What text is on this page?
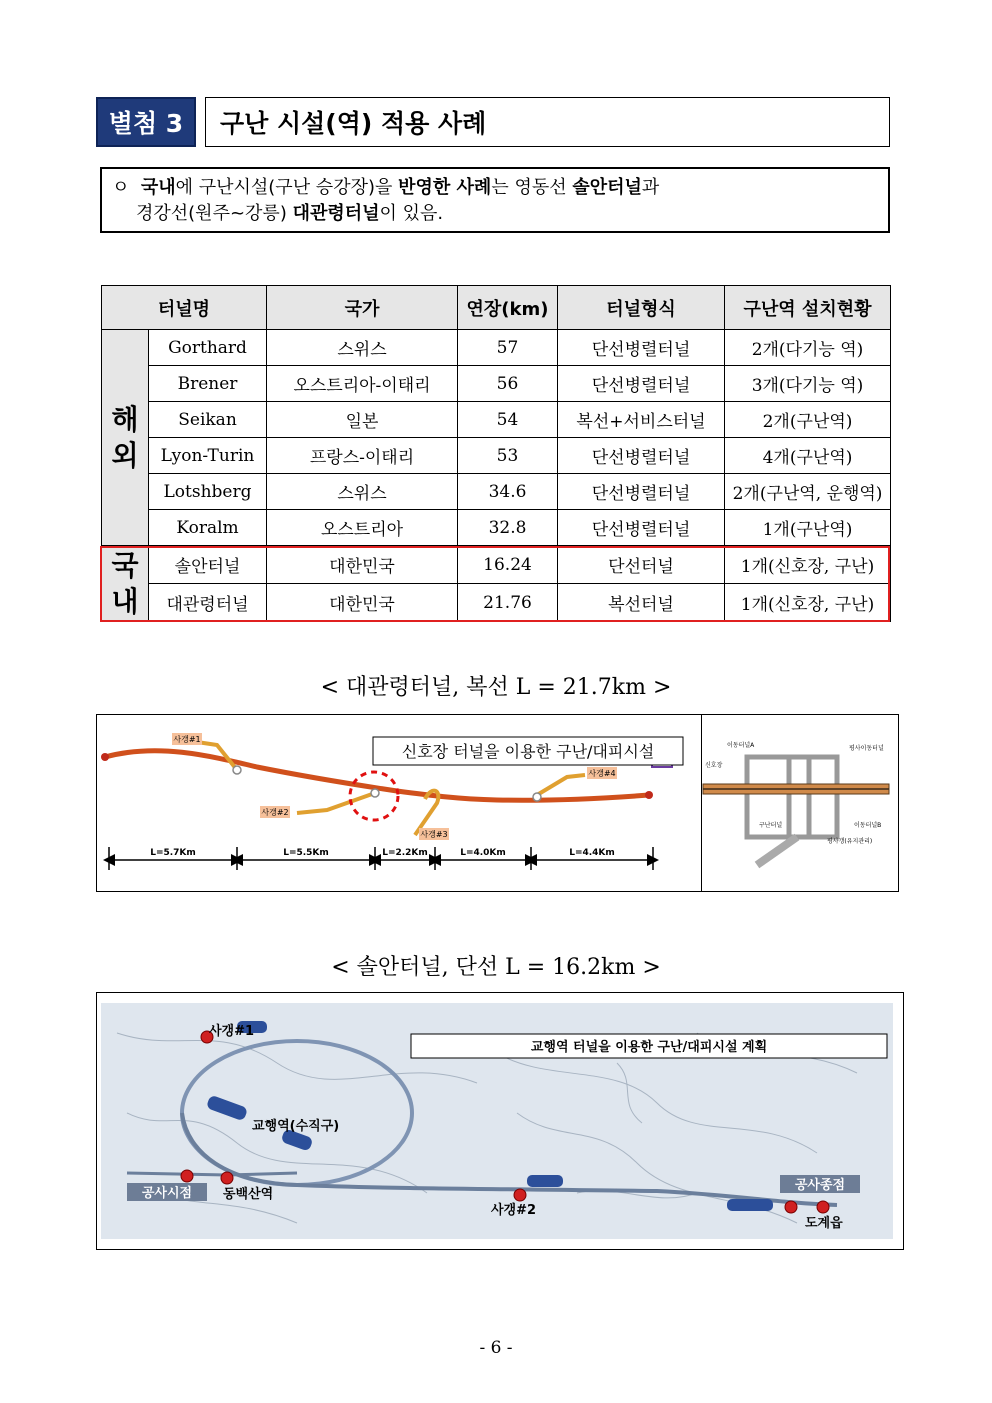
별첨 3	구난 시설(역) 적용 사례
ㅇ 국내에 구난시설(구난 승강장)을 반영한 사례는 영동선 솔안터널과
경강선(원주~강릉) 대관령터널이 있음.
터널명		국가	연장(km)	터널형식	구난역 설치현황

해
외	Gorthard	스위스	57	단선병렬터널	2개(다기능 역)
	Brener	오스트리아-이태리	56	단선병렬터널	3개(다기능 역)
	Seikan	일본	54	복선+서비스터널	2개(구난역)
	Lyon-Turin	프랑스-이태리	53	단선병렬터널	4개(구난역)
	Lotshberg	스위스	34.6	단선병렬터널	2개(구난역, 운행역)
	Koralm	오스트리아	32.8	단선병렬터널	1개(구난역)

국
내	솔안터널	대한민국	16.24	단선터널	1개(신호장, 구난)
	대관령터널	대한민국	21.76	복선터널	1개(신호장, 구난)
< 대관령터널, 복선 L = 21.7km >
사갱#1
사갱#2
사갱#3
사갱#4
신호장 터널을 이용한 구난/대피시설
L=5.7Km	L=5.5Km	L=2.2Km	L=4.0Km	L=4.4Km
이동터널A
신호장
평사이동터널
구난터널	이동터널B
평사갱(유지관리)
< 솔안터널, 단선 L = 16.2km >
사갱#1
교행역(수직구)
동백산역
사갱#2
도계읍
공사시점
공사종점
교행역 터널을 이용한 구난/대피시설 계획
- 6 -
